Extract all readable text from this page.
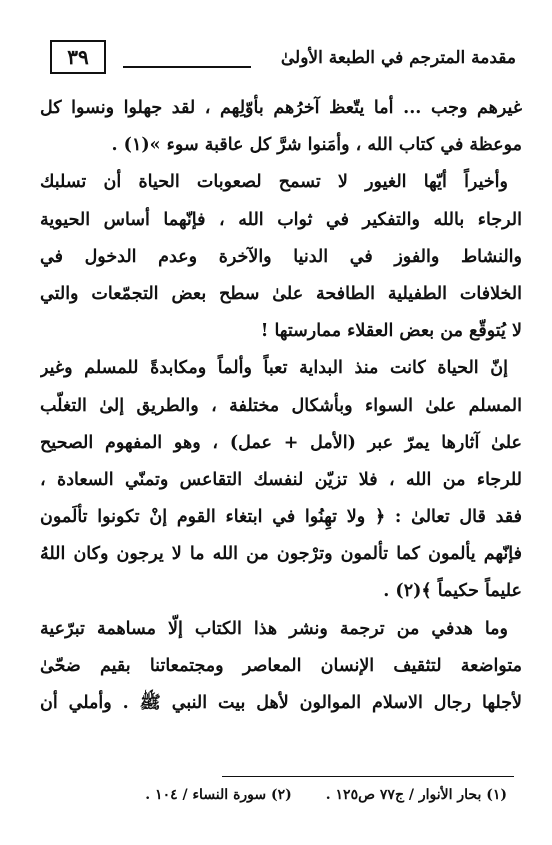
مقدمة المترجم في الطبعة الأولىٰ
٣٩
غيرهم وجب ... أما يتّعظ آخرُهم بأوّلِهم ، لقد جهلوا ونسوا كل
موعظة في كتاب الله ، وأمَنوا شرَّ كل عاقبة سوء »(١) .
وأخيراً أيّها الغيور لا تسمح لصعوبات الحياة أن تسلبك
الرجاء بالله والتفكير في ثواب الله ، فإنّهما أساس الحيوية
والنشاط والفوز في الدنيا والآخرة وعدم الدخول في
الخلافات الطفيلية الطافحة علىٰ سطح بعض التجمّعات والتي
لا يُتوقّع من بعض العقلاء ممارستها !
إنّ الحياة كانت منذ البداية تعباً وألماً ومكابدةً للمسلم وغير
المسلم علىٰ السواء وبأشكال مختلفة ، والطريق إلىٰ التغلّب
علىٰ آثارها يمرّ عبر (الأمل + عمل) ، وهو المفهوم الصحيح
للرجاء من الله ، فلا تزيّن لنفسك التقاعس وتمنّي السعادة ،
فقد قال تعالىٰ : ﴿ ولا تهِنُوا في ابتغاء القوم إنْ تكونوا تألَمون
فإنّهم يألمون كما تألمون وترْجون من الله ما لا يرجون وكان اللهُ
عليماً حكيماً ﴾(٢) .
وما هدفي من ترجمة ونشر هذا الكتاب إلّا مساهمة تبرّعية
متواضعة لتثقيف الإنسان المعاصر ومجتمعاتنا بقيم ضحّىٰ
لأجلها رجال الاسلام الموالون لأهل بيت النبي ﷺ . وأملي أن
(١) بحار الأنوار / ج٧٧ ص١٢٥ .(٢) سورة النساء / ١٠٤ .
